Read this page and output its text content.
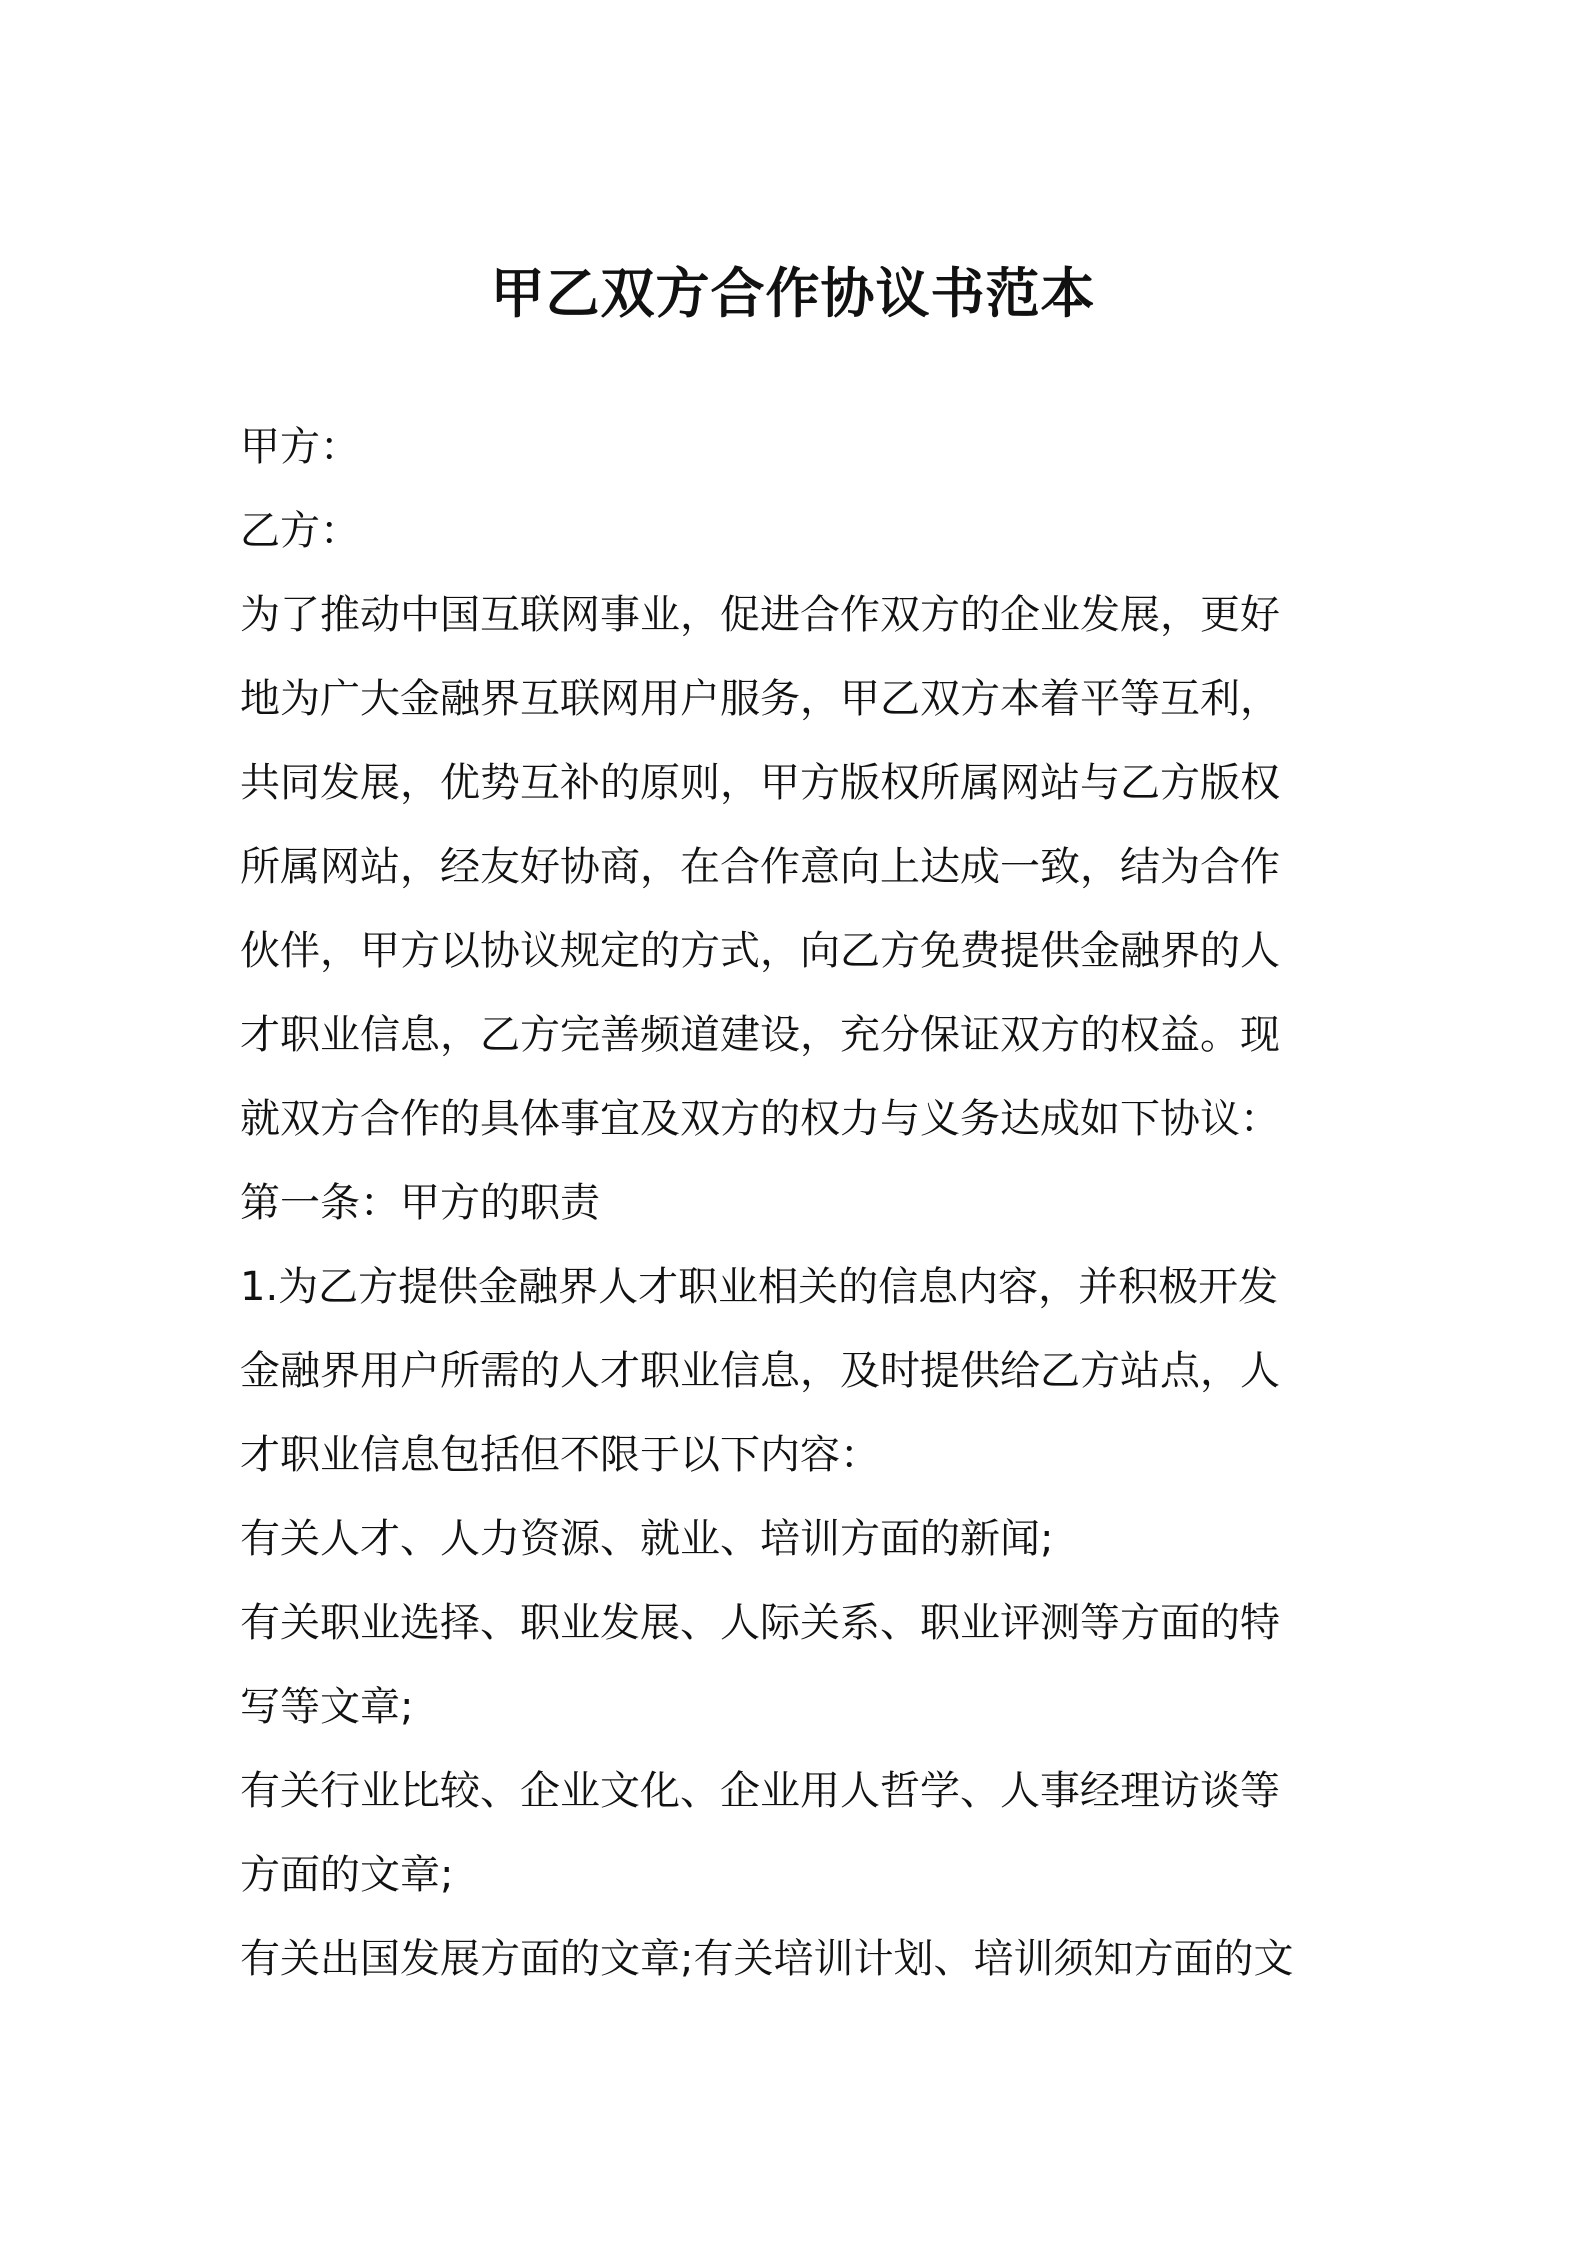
甲乙双方合作协议书范本
甲方：
乙方：
为了推动中国互联网事业，促进合作双方的企业发展，更好
地为广大金融界互联网用户服务，甲乙双方本着平等互利，
共同发展，优势互补的原则，甲方版权所属网站与乙方版权
所属网站，经友好协商，在合作意向上达成一致，结为合作
伙伴，甲方以协议规定的方式，向乙方免费提供金融界的人
才职业信息，乙方完善频道建设，充分保证双方的权益。现
就双方合作的具体事宜及双方的权力与义务达成如下协议：
第一条：甲方的职责
1.为乙方提供金融界人才职业相关的信息内容，并积极开发
金融界用户所需的人才职业信息，及时提供给乙方站点，人
才职业信息包括但不限于以下内容：
有关人才、人力资源、就业、培训方面的新闻;
有关职业选择、职业发展、人际关系、职业评测等方面的特
写等文章;
有关行业比较、企业文化、企业用人哲学、人事经理访谈等
方面的文章;
有关出国发展方面的文章;有关培训计划、培训须知方面的文
